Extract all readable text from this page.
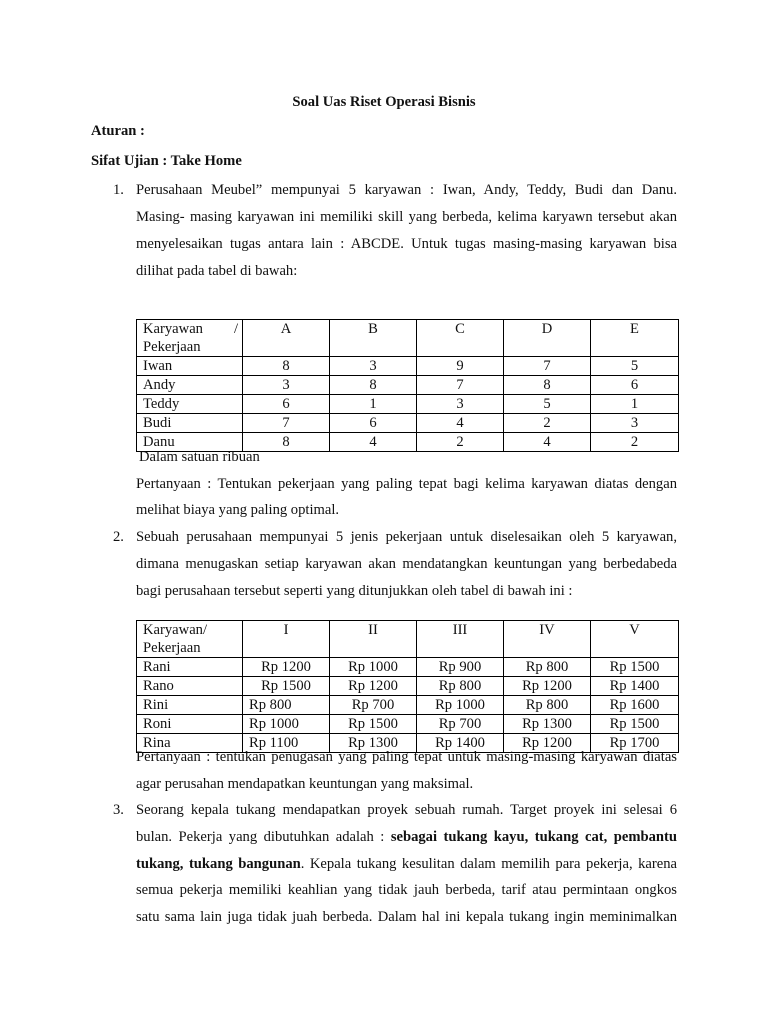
Soal Uas Riset Operasi Bisnis
Aturan :
Sifat Ujian : Take Home
1. Perusahaan Meubel” mempunyai 5 karyawan : Iwan, Andy, Teddy, Budi dan Danu.
Masing- masing karyawan ini memiliki skill yang berbeda, kelima karyawn tersebut akan
menyelesaikan tugas antara lain : ABCDE. Untuk tugas masing-masing karyawan bisa
dilihat pada tabel di bawah:
Karyawan /
Pekerjaan	A	B	C	D	E
Iwan	8	3	9	7	5
Andy	3	8	7	8	6
Teddy	6	1	3	5	1
Budi	7	6	4	2	3
Danu	8	4	2	4	2
Dalam satuan ribuan
Pertanyaan : Tentukan pekerjaan yang paling tepat bagi kelima karyawan diatas dengan
melihat biaya yang paling optimal.
2. Sebuah perusahaan mempunyai 5 jenis pekerjaan untuk diselesaikan oleh 5 karyawan,
dimana menugaskan setiap karyawan akan mendatangkan keuntungan yang berbedabeda
bagi perusahaan tersebut seperti yang ditunjukkan oleh tabel di bawah ini :
Karyawan/
Pekerjaan	I	II	III	IV	V
Rani	Rp 1200	Rp 1000	Rp 900	Rp 800	Rp 1500
Rano	Rp 1500	Rp 1200	Rp 800	Rp 1200	Rp 1400
Rini	Rp 800	Rp 700	Rp 1000	Rp 800	Rp 1600
Roni	Rp 1000	Rp 1500	Rp 700	Rp 1300	Rp 1500
Rina	Rp 1100	Rp 1300	Rp 1400	Rp 1200	Rp 1700
Pertanyaan : tentukan penugasan yang paling tepat untuk masing-masing karyawan diatas
agar perusahan mendapatkan keuntungan yang maksimal.
3. Seorang kepala tukang mendapatkan proyek sebuah rumah. Target proyek ini selesai 6
bulan. Pekerja yang dibutuhkan adalah : sebagai tukang kayu, tukang cat, pembantu
tukang, tukang bangunan. Kepala tukang kesulitan dalam memilih para pekerja, karena
semua pekerja memiliki keahlian yang tidak jauh berbeda, tarif atau permintaan ongkos
satu sama lain juga tidak juah berbeda. Dalam hal ini kepala tukang ingin meminimalkan
